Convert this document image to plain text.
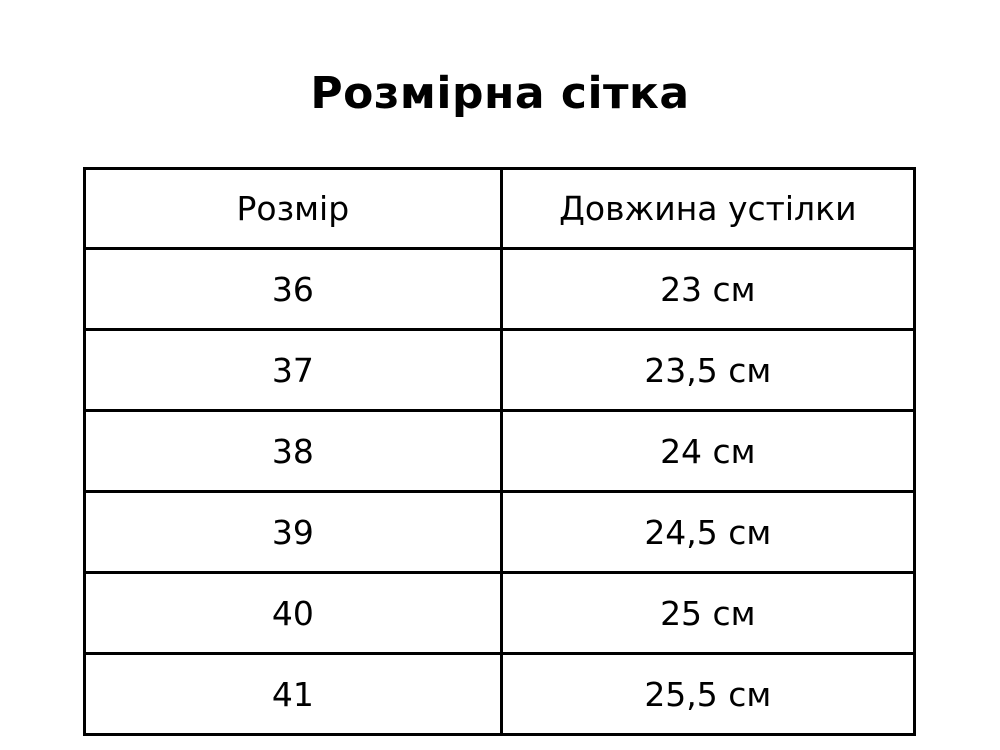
Розмірна сітка
Розмір	Довжина устілки
36	23 см
37	23,5 см
38	24 см
39	24,5 см
40	25 см
41	25,5 см
